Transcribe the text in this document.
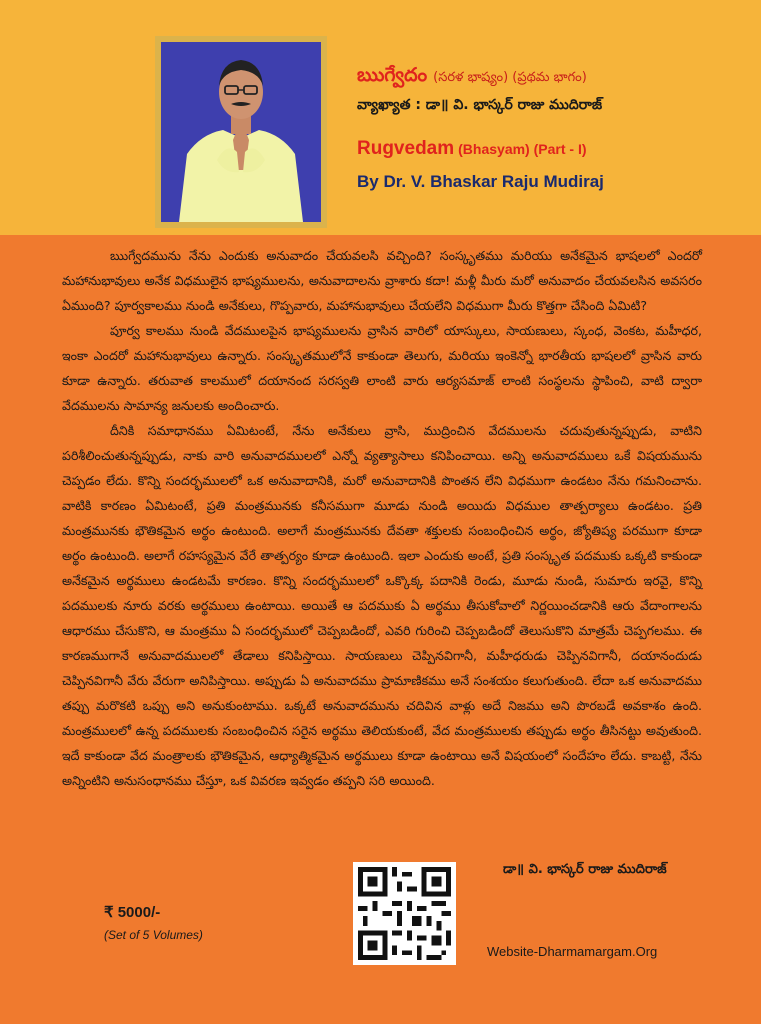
ఋగ్వేదం (సరళ భాష్యం) (ప్రథమ భాగం)
వ్యాఖ్యాత : డా॥ వి. భాస్కర్ రాజు ముదిరాజ్
Rugvedam (Bhasyam) (Part - I)
By Dr. V. Bhaskar Raju Mudiraj

ఋగ్వేదమును నేను ఎందుకు అనువాదం చేయవలసి వచ్చింది? సంస్కృతము మరియు అనేకమైన భాషలలో ఎందరో మహానుభావులు అనేక విధములైన భాష్యములను, అనువాదాలను వ్రాశారు కదా! మళ్లీ మీరు మరో అనువాదం చేయవలసిన అవసరం ఏముంది? పూర్వకాలము నుండి అనేకులు, గొప్పవారు, మహానుభావులు చేయలేని విధముగా మీరు కొత్తగా చేసింది ఏమిటి?

పూర్వ కాలము నుండి వేదములపైన భాష్యములను వ్రాసిన వారిలో యాస్కులు, సాయణులు, స్కంధ, వెంకట, మహీధర, ఇంకా ఎందరో మహానుభావులు ఉన్నారు. సంస్కృతములోనే కాకుండా తెలుగు, మరియు ఇంకెన్నో భారతీయ భాషలలో వ్రాసిన వారు కూడా ఉన్నారు. తరువాత కాలములో దయానంద సరస్వతి లాంటి వారు ఆర్యసమాజ్ లాంటి సంస్థలను స్థాపించి, వాటి ద్వారా వేదములను సామాన్య జనులకు అందించారు.

దీనికి సమాధానము ఏమిటంటే, నేను అనేకులు వ్రాసి, ముద్రించిన వేదములను చదువుతున్నప్పుడు, వాటిని పరిశీలించుతున్నప్పుడు, నాకు వారి అనువాదములలో ఎన్నో వ్యత్యాసాలు కనిపించాయి. అన్ని అనువాదములు ఒకే విషయమును చెప్పడం లేదు. కొన్ని సందర్భములలో ఒక అనువాదానికి, మరో అనువాదానికి పొంతన లేని విధముగా ఉండటం నేను గమనించాను. వాటికి కారణం ఏమిటంటే, ప్రతి మంత్రమునకు కనీసముగా మూడు నుండి అయిదు విధముల తాత్పర్యాలు ఉండటం. ప్రతి మంత్రమునకు భౌతికమైన అర్థం ఉంటుంది. అలాగే మంత్రమునకు దేవతా శక్తులకు సంబంధించిన అర్థం, జ్యోతిష్య పరముగా కూడా అర్థం ఉంటుంది. అలాగే రహస్యమైన వేరే తాత్పర్యం కూడా ఉంటుంది. ఇలా ఎందుకు అంటే, ప్రతి సంస్కృత పదముకు ఒక్కటి కాకుండా అనేకమైన అర్థములు ఉండటమే కారణం. కొన్ని సందర్భములలో ఒక్కొక్క పదానికి రెండు, మూడు నుండి, సుమారు ఇరవై, కొన్ని పదములకు నూరు వరకు అర్థములు ఉంటాయి. అయితే ఆ పదముకు ఏ అర్థము తీసుకోవాలో నిర్ణయించడానికి ఆరు వేదాంగాలను ఆధారము చేసుకొని, ఆ మంత్రము ఏ సందర్భములో చెప్పబడిందో, ఎవరి గురించి చెప్పబడిందో తెలుసుకొని మాత్రమే చెప్పగలము. ఈ కారణముగానే అనువాదములలో తేడాలు కనిపిస్తాయి. సాయణులు చెప్పినవిగానీ, మహీధరుడు చెప్పినవిగానీ, దయానందుడు చెప్పినవిగానీ వేరు వేరుగా అనిపిస్తాయి. అప్పుడు ఏ అనువాదము ప్రామాణికము అనే సంశయం కలుగుతుంది. లేదా ఒక అనువాదము తప్పు మరొకటి ఒప్పు అని అనుకుంటాము. ఒక్కటే అనువాదమును చదివిన వాళ్లు అదే నిజము అని పొరబడే అవకాశం ఉంది. మంత్రములలో ఉన్న పదములకు సంబంధించిన సరైన అర్థము తెలియకుంటే, వేద మంత్రములకు తప్పుడు అర్థం తీసినట్టు అవుతుంది. ఇదే కాకుండా వేద మంత్రాలకు భౌతికమైన, ఆధ్యాత్మికమైన అర్థములు కూడా ఉంటాయి అనే విషయంలో సందేహం లేదు. కాబట్టి, నేను అన్నింటిని అనుసంధానము చేస్తూ, ఒక వివరణ ఇవ్వడం తప్పని సరి అయింది.

డా॥ వి. భాస్కర్ రాజు ముదిరాజ్
₹ 5000/-
(Set of 5 Volumes)
Website-Dharmamargam.Org
